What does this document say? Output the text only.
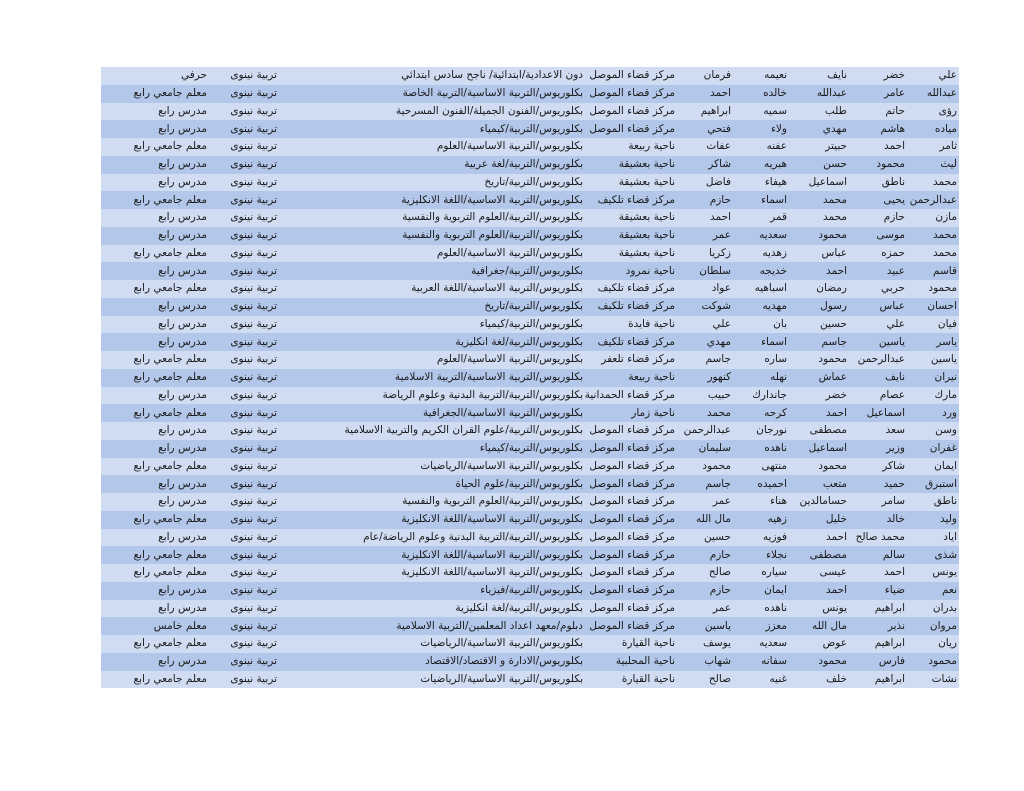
علي	خضر	نايف	نعيمه	فرمان	مركز قضاء الموصل	دون الاعدادية/ابتدائية/ ناجح سادس ابتدائي	تربية نينوى	حرفي
عبدالله	عامر	عبدالله	خالده	احمد	مركز قضاء الموصل	بكلوريوس/التربية الاساسية/التربية الخاصة	تربية نينوى	معلم جامعي رابع
رؤى	حاتم	طلب	سميه	ابراهيم	مركز قضاء الموصل	بكلوريوس/الفنون الجميلة/الفنون المسرحية	تربية نينوى	مدرس رابع
مياده	هاشم	مهدي	ولاء	فتحي	مركز قضاء الموصل	بكلوريوس/التربية/كيمياء	تربية نينوى	مدرس رابع
ثامر	احمد	حبيتر	عفنه	عفات	ناحية ربيعة	بكلوريوس/التربية الاساسية/العلوم	تربية نينوى	معلم جامعي رابع
ليث	محمود	حسن	هبريه	شاكر	ناحية بعشيقة	بكلوريوس/التربية/لغة عربية	تربية نينوى	مدرس رابع
محمد	ناطق	اسماعيل	هيفاء	فاضل	ناحية بعشيقة	بكلوريوس/التربية/تاريخ	تربية نينوى	مدرس رابع
عبدالرحمن	يحيى	محمد	اسماء	حازم	مركز قضاء تلكيف	بكلوريوس/التربية الاساسية/اللغة الانكليزية	تربية نينوى	معلم جامعي رابع
مازن	حازم	محمد	قمر	احمد	ناحية بعشيقة	بكلوريوس/التربية/العلوم التربوية والنفسية	تربية نينوى	مدرس رابع
محمد	موسى	محمود	سعديه	عمر	ناحية بعشيقة	بكلوريوس/التربية/العلوم التربوية والنفسية	تربية نينوى	مدرس رابع
محمد	حمزه	عباس	زهديه	زكريا	ناحية بعشيقة	بكلوريوس/التربية الاساسية/العلوم	تربية نينوى	معلم جامعي رابع
قاسم	عبيد	احمد	خديجه	سلطان	ناحية نمرود	بكلوريوس/التربية/جغرافية	تربية نينوى	مدرس رابع
محمود	حربي	رمضان	اسباهيه	عواد	مركز قضاء تلكيف	بكلوريوس/التربية الاساسية/اللغة العربية	تربية نينوى	معلم جامعي رابع
احسان	عباس	رسول	مهديه	شوكت	مركز قضاء تلكيف	بكلوريوس/التربية/تاريخ	تربية نينوى	مدرس رابع
فيان	علي	حسين	بان	علي	ناحية فايدة	بكلوريوس/التربية/كيمياء	تربية نينوى	مدرس رابع
ياسر	ياسين	جاسم	اسماء	مهدي	مركز قضاء تلكيف	بكلوريوس/التربية/لغة انكليزية	تربية نينوى	مدرس رابع
ياسين	عبدالرحمن	محمود	ساره	جاسم	مركز قضاء تلعفر	بكلوريوس/التربية الاساسية/العلوم	تربية نينوى	معلم جامعي رابع
نيران	نايف	عماش	نهله	كنهور	ناحية ربيعة	بكلوريوس/التربية الاساسية/التربية الاسلامية	تربية نينوى	معلم جامعي رابع
مارك	عصام	خضر	جاندارك	حبيب	مركز قضاء الحمدانية	بكلوريوس/التربية/التربية البدنية وعلوم الرياضة	تربية نينوى	مدرس رابع
ورد	اسماعيل	احمد	كرحه	محمد	ناحية زمار	بكلوريوس/التربية الاساسية/الجغرافية	تربية نينوى	معلم جامعي رابع
وسن	سعد	مصطفى	نورجان	عبدالرحمن	مركز قضاء الموصل	بكلوريوس/التربية/علوم القران الكريم والتربية الاسلامية	تربية نينوى	مدرس رابع
غفران	وزير	اسماعيل	ناهده	سليمان	مركز قضاء الموصل	بكلوريوس/التربية/كيمياء	تربية نينوى	مدرس رابع
ايمان	شاكر	محمود	منتهى	محمود	مركز قضاء الموصل	بكلوريوس/التربية الاساسية/الرياضيات	تربية نينوى	معلم جامعي رابع
استبرق	حميد	متعب	احميده	جاسم	مركز قضاء الموصل	بكلوريوس/التربية/علوم الحياة	تربية نينوى	مدرس رابع
ناطق	سامر	حسامالدين	هناء	عمر	مركز قضاء الموصل	بكلوريوس/التربية/العلوم التربوية والنفسية	تربية نينوى	مدرس رابع
وليد	خالد	خليل	زهيه	مال الله	مركز قضاء الموصل	بكلوريوس/التربية الاساسية/اللغة الانكليزية	تربية نينوى	معلم جامعي رابع
اياد	محمد صالح	احمد	فوزيه	حسين	مركز قضاء الموصل	بكلوريوس/التربية/التربية البدنية وعلوم الرياضة/عام	تربية نينوى	مدرس رابع
شذى	سالم	مصطفى	نجلاء	حازم	مركز قضاء الموصل	بكلوريوس/التربية الاساسية/اللغة الانكليزية	تربية نينوى	معلم جامعي رابع
يونس	احمد	عيسى	سياره	صالح	مركز قضاء الموصل	بكلوريوس/التربية الاساسية/اللغة الانكليزية	تربية نينوى	معلم جامعي رابع
نعم	ضياء	احمد	ايمان	حازم	مركز قضاء الموصل	بكلوريوس/التربية/فيزياء	تربية نينوى	مدرس رابع
بدران	ابراهيم	يونس	ناهده	عمر	مركز قضاء الموصل	بكلوريوس/التربية/لغة انكليزية	تربية نينوى	مدرس رابع
مروان	نذير	مال الله	معزز	ياسين	مركز قضاء الموصل	دبلوم/معهد اعداد المعلمين/التربية الاسلامية	تربية نينوى	معلم خامس
ريان	ابراهيم	عوض	سعديه	يوسف	ناحية القيارة	بكلوريوس/التربية الاساسية/الرياضيات	تربية نينوى	معلم جامعي رابع
محمود	فارس	محمود	سفانه	شهاب	ناحية المحلبية	بكلوريوس/الادارة و الاقتصاد/الاقتصاد	تربية نينوى	مدرس رابع
نشات	ابراهيم	خلف	غنيه	صالح	ناحية القيارة	بكلوريوس/التربية الاساسية/الرياضيات	تربية نينوى	معلم جامعي رابع
